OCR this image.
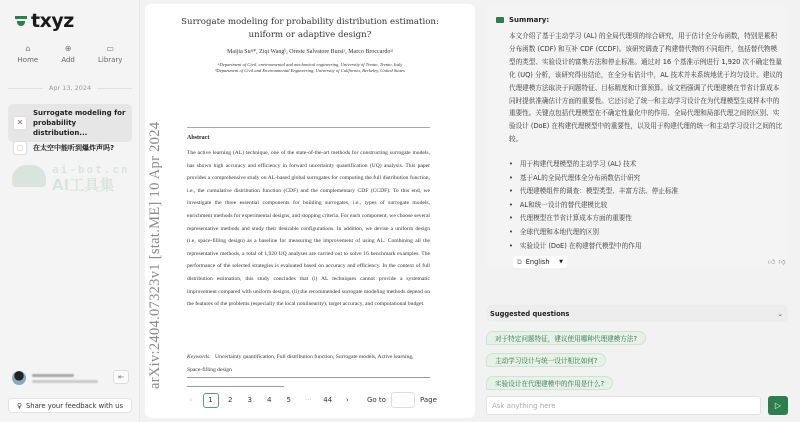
txyz
⌂
Home
⊕
Add
▭
Library
Apr 13, 2024
✕
Surrogate modeling for probability distribution...
◌	在太空中能听到爆炸声吗?
ai-bot.cn
AI工具集
⇤
♀ Share your feedback with us
Surrogate modeling for probability distribution estimation:
uniform or adaptive design?
Maijia Suᵃʲ*, Ziqi Wangᵇ, Oreste Salvatore Bursiᵃ, Marco Broccardoᵃʲ
ᵃDepartment of Civil, environmental and mechanical engineering, University of Trento, Trento, Italy
ᵇDepartment of Civil and Environmental Engineering, University of California, Berkeley, United States
Abstract
The active learning (AL) technique, one of the state-of-the-art methods for constructing surrogate models, has shown high accuracy and efficiency in forward uncertainty quantification (UQ) analysis. This paper provides a comprehensive study on AL-based global surrogates for computing the full distribution function, i.e., the cumulative distribution function (CDF) and the complementary CDF (CCDF). To this end, we investigate the three essential components for building surrogates, i.e., types of surrogate models, enrichment methods for experimental designs, and stopping criteria. For each component, we choose several representative methods and study their desirable configurations. In addition, we devise a uniform design (i.e, space-filling design) as a baseline for measuring the improvement of using AL. Combining all the representative methods, a total of 1,920 UQ analyses are carried out to solve 16 benchmark examples. The performance of the selected strategies is evaluated based on accuracy and efficiency. In the context of full distribution estimation, this study concludes that (i) AL techniques cannot provide a systematic improvement compared with uniform designs, (ii) the recommended surrogate modeling methods depend on the features of the problems (especially the local nonlinearity), target accuracy, and computational budget.
Keywords: Uncertainty quantification, Full distribution function, Surrogate models, Active learning, Space-filling design
arXiv:2404.07323v1 [stat.ME] 10 Apr 2024
‹	1	2	3	4	5	···	44	›	Go to	Page
Summary:
本文介绍了基于主动学习 (AL) 的全局代理项的综合研究，用于估计全分布函数，特别是累积分布函数 (CDF) 和互补 CDF (CCDF)。该研究调查了构建替代物的不同组件，包括替代物模型的类型、实验设计的富集方法和停止标准。通过对 16 个基准示例进行 1,920 次不确定性量化 (UQ) 分析，该研究得出结论，在全分布估计中，AL 技术并未系统地优于均匀设计。建议的代理建模方法取决于问题特征、目标精度和计算预算。该文档强调了代理建模在节省计算成本同时提供准确估计方面的重要性。它还讨论了统一和主动学习设计在为代理模型生成样本中的重要性。关键点包括代理模型在不确定性量化中的作用、全局代理和局部代理之间的区别、实验设计 (DoE) 在构建代理模型中的重要性，以及用于构建代理的统一和主动学习设计之间的比较。
• 用于构建代理模型的主动学习 (AL) 技术
• 基于AL的全局代理体全分布函数估计研究
• 代理建模组件的调查：模型类型、丰富方法、停止标准
• AL和统一设计的替代建模比较
• 代理模型在节省计算成本方面的重要性
• 全球代理和本地代理的区别
• 实验设计 (DoE) 在构建替代模型中的作用
⧉ English ▼	👍︎ 👎︎
Suggested questions	⌄
对于特定问题特征，建议使用哪种代理建模方法?
主动学习设计与统一设计相比如何?
实验设计在代理建模中的作用是什么?
Ask anything here
▷
